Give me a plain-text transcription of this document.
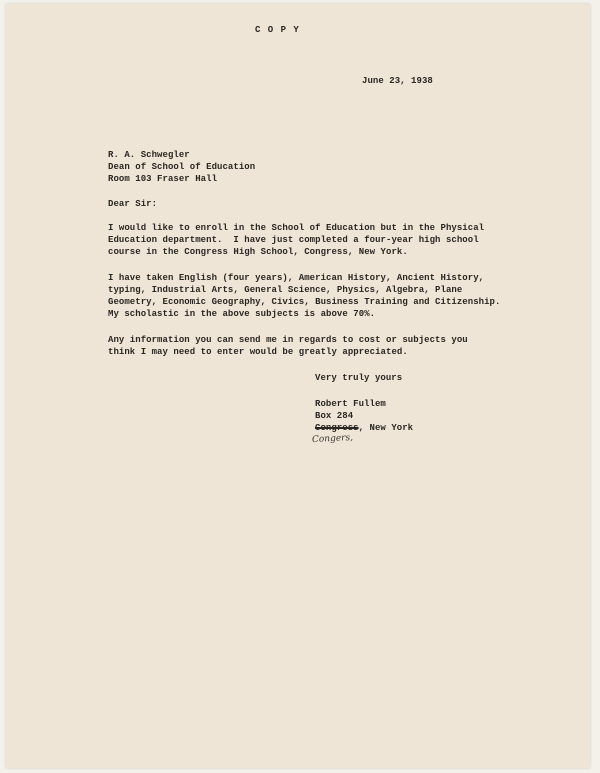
C O P Y
June 23, 1938
R. A. Schwegler
Dean of School of Education
Room 103 Fraser Hall
Dear Sir:
I would like to enroll in the School of Education but in the Physical
Education department.  I have just completed a four-year high school
course in the Congress High School, Congress, New York.
I have taken English (four years), American History, Ancient History,
typing, Industrial Arts, General Science, Physics, Algebra, Plane
Geometry, Economic Geography, Civics, Business Training and Citizenship.
My scholastic in the above subjects is above 70%.
Any information you can send me in regards to cost or subjects you
think I may need to enter would be greatly appreciated.
Very truly yours
Robert Fullem
Box 284
Congress, New York
Congers,
